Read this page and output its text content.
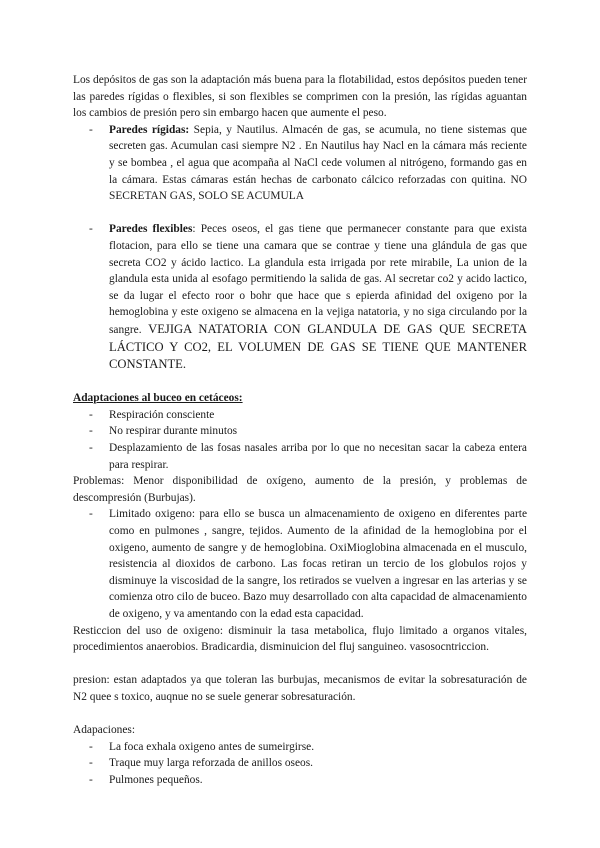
Los depósitos de gas son la adaptación más buena para la flotabilidad, estos depósitos pueden tener las paredes rígidas o flexibles, si son flexibles se comprimen con la presión, las rígidas aguantan los cambios de presión pero sin embargo hacen que aumente el peso.

- Paredes rígidas: Sepia, y Nautilus. Almacén de gas, se acumula, no tiene sistemas que secreten gas. Acumulan casi siempre N2 . En Nautilus hay Nacl en la cámara más reciente y se bombea , el agua que acompaña al NaCl cede volumen al nitrógeno, formando gas en la cámara. Estas cámaras están hechas de carbonato cálcico reforzadas con quitina. NO SECRETAN GAS, SOLO SE ACUMULA
- Paredes flexibles: Peces oseos, el gas tiene que permanecer constante para que exista flotacion, para ello se tiene una camara que se contrae y tiene una glándula de gas que secreta CO2 y ácido lactico. La glandula esta irrigada por rete mirabile, La union de la glandula esta unida al esofago permitiendo la salida de gas. Al secretar co2 y acido lactico, se da lugar el efecto roor o bohr que hace que s epierda afinidad del oxigeno por la hemoglobina y este oxigeno se almacena en la vejiga natatoria, y no siga circulando por la sangre. VEJIGA NATATORIA CON GLANDULA DE GAS QUE SECRETA LÁCTICO Y CO2, EL VOLUMEN DE GAS SE TIENE QUE MANTENER CONSTANTE.

Adaptaciones al buceo en cetáceos:

- Respiración consciente
- No respirar durante minutos
- Desplazamiento de las fosas nasales arriba por lo que no necesitan sacar la cabeza entera para respirar.

Problemas: Menor disponibilidad de oxígeno, aumento de la presión, y problemas de descompresión (Burbujas).

- Limitado oxigeno: para ello se busca un almacenamiento de oxigeno en diferentes parte como en pulmones , sangre, tejidos. Aumento de la afinidad de la hemoglobina por el oxigeno, aumento de sangre y de hemoglobina. OxiMioglobina almacenada en el musculo, resistencia al dioxidos de carbono. Las focas retiran un tercio de los globulos rojos y disminuye la viscosidad de la sangre, los retirados se vuelven a ingresar en las arterias y se comienza otro cilo de buceo. Bazo muy desarrollado con alta capacidad de almacenamiento de oxigeno, y va amentando con la edad esta capacidad.

Resticcion del uso de oxigeno: disminuir la tasa metabolica, flujo limitado a organos vitales, procedimientos anaerobios. Bradicardia, disminuicion del fluj sanguineo. vasosocntriccion.

presion: estan adaptados ya que toleran las burbujas, mecanismos de evitar la sobresaturación de N2 quee s toxico, auqnue no se suele generar sobresaturación.

Adapaciones:

- La foca exhala oxigeno antes de sumeirgirse.
- Traque muy larga reforzada de anillos oseos.
- Pulmones pequeños.
